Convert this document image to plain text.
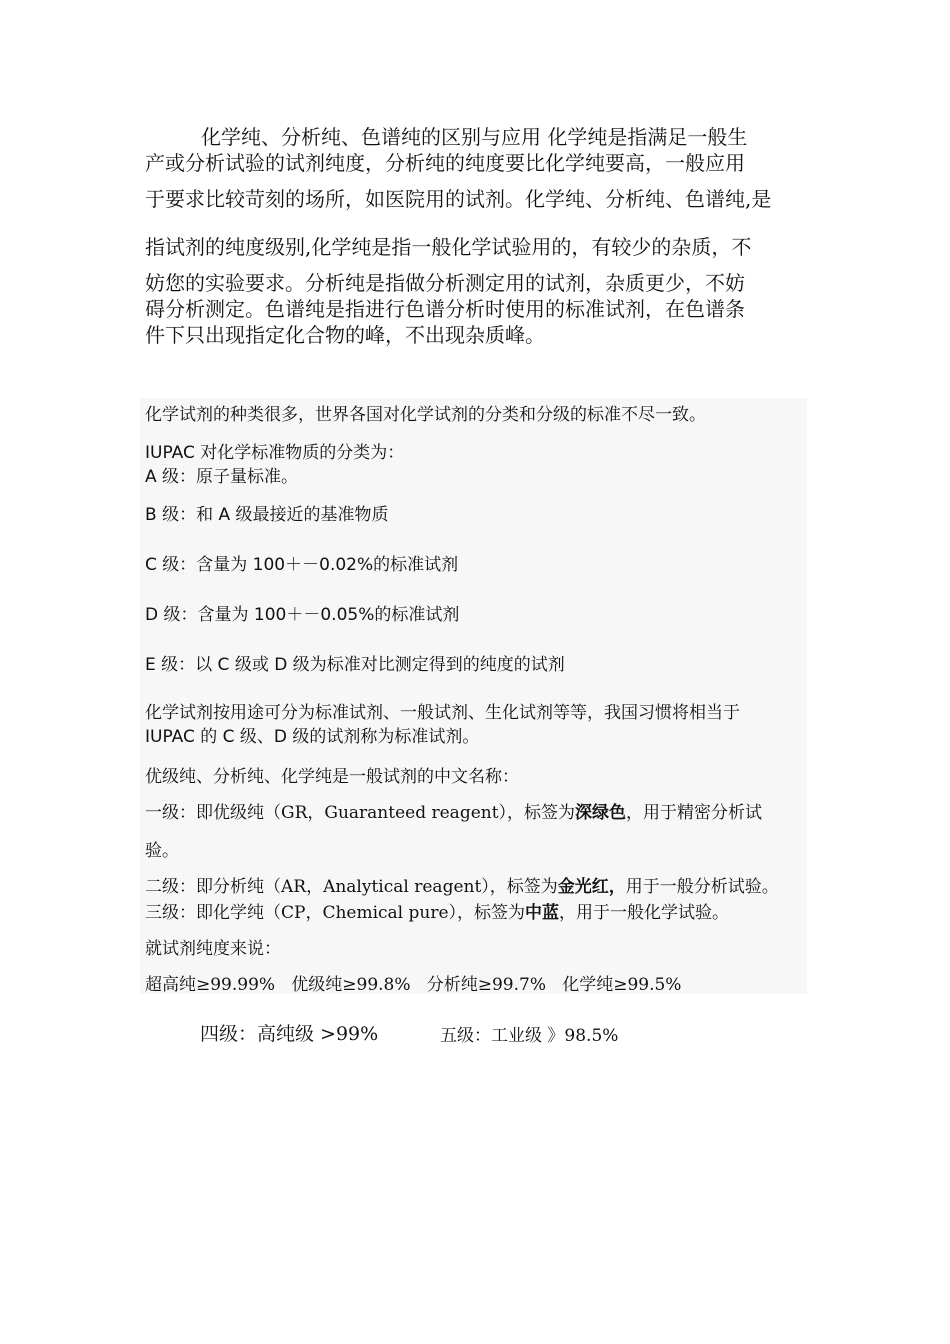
化学纯、分析纯、色谱纯的区别与应用 化学纯是指满足一般生
产或分析试验的试剂纯度，分析纯的纯度要比化学纯要高，一般应用
于要求比较苛刻的场所，如医院用的试剂。化学纯、分析纯、色谱纯,是
指试剂的纯度级别,化学纯是指一般化学试验用的，有较少的杂质，不
妨您的实验要求。分析纯是指做分析测定用的试剂，杂质更少，不妨
碍分析测定。色谱纯是指进行色谱分析时使用的标准试剂，在色谱条
件下只出现指定化合物的峰，不出现杂质峰。
化学试剂的种类很多，世界各国对化学试剂的分类和分级的标准不尽一致。
IUPAC 对化学标准物质的分类为：
A 级：原子量标准。
B 级：和 A 级最接近的基准物质
C 级：含量为 100＋－0.02%的标准试剂
D 级：含量为 100＋－0.05%的标准试剂
E 级：以 C 级或 D 级为标准对比测定得到的纯度的试剂
化学试剂按用途可分为标准试剂、一般试剂、生化试剂等等，我国习惯将相当于
IUPAC 的 C 级、D 级的试剂称为标准试剂。
优级纯、分析纯、化学纯是一般试剂的中文名称：
一级：即优级纯（GR，Guaranteed reagent），标签为深绿色，用于精密分析试
验。
二级：即分析纯（AR，Analytical reagent），标签为金光红，用于一般分析试验。
三级：即化学纯（CP，Chemical pure），标签为中蓝，用于一般化学试验。
就试剂纯度来说：
超高纯≥99.99%   优级纯≥99.8%   分析纯≥99.7%   化学纯≥99.5%
四级：高纯级 >99%	五级：工业级 》98.5%
